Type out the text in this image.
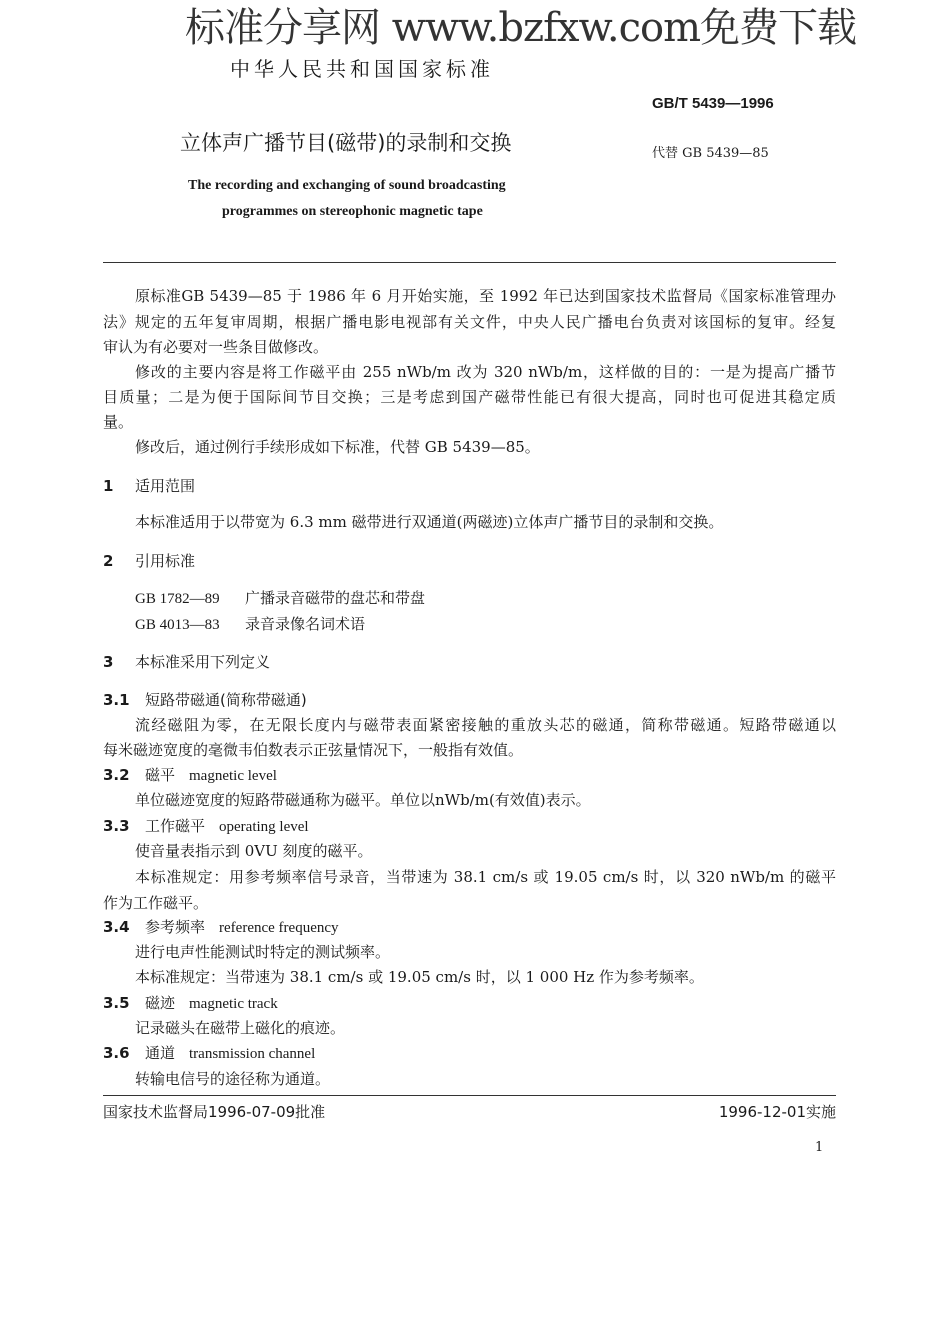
标准分享网 www.bzfxw.com免费下载
中华人民共和国国家标准
GB/T 5439—1996
立体声广播节目(磁带)的录制和交换	代替 GB 5439—85
The recording and exchanging of sound broadcasting
programmes on stereophonic magnetic tape
原标准GB 5439—85 于 1986 年 6 月开始实施，至 1992 年已达到国家技术监督局《国家标准管理办
法》规定的五年复审周期，根据广播电影电视部有关文件，中央人民广播电台负责对该国标的复审。经复
审认为有必要对一些条目做修改。
修改的主要内容是将工作磁平由 255 nWb/m 改为 320 nWb/m，这样做的目的：一是为提高广播节
目质量；二是为便于国际间节目交换；三是考虑到国产磁带性能已有很大提高，同时也可促进其稳定质
量。
修改后，通过例行手续形成如下标准，代替 GB 5439—85。
1 适用范围
本标准适用于以带宽为 6.3 mm 磁带进行双通道(两磁迹)立体声广播节目的录制和交换。
2 引用标准
GB 1782—89 广播录音磁带的盘芯和带盘
GB 4013—83 录音录像名词术语
3 本标准采用下列定义
3.1 短路带磁通(简称带磁通)
流经磁阻为零，在无限长度内与磁带表面紧密接触的重放头芯的磁通，简称带磁通。短路带磁通以
每米磁迹宽度的毫微韦伯数表示正弦量情况下，一般指有效值。
3.2 磁平 magnetic level
单位磁迹宽度的短路带磁通称为磁平。单位以nWb/m(有效值)表示。
3.3 工作磁平 operating level
使音量表指示到 0VU 刻度的磁平。
本标准规定：用参考频率信号录音，当带速为 38.1 cm/s 或 19.05 cm/s 时，以 320 nWb/m 的磁平
作为工作磁平。
3.4 参考频率 reference frequency
进行电声性能测试时特定的测试频率。
本标准规定：当带速为 38.1 cm/s 或 19.05 cm/s 时，以 1 000 Hz 作为参考频率。
3.5 磁迹 magnetic track
记录磁头在磁带上磁化的痕迹。
3.6 通道 transmission channel
转输电信号的途径称为通道。
国家技术监督局1996-07-09批准	1996-12-01实施
1
